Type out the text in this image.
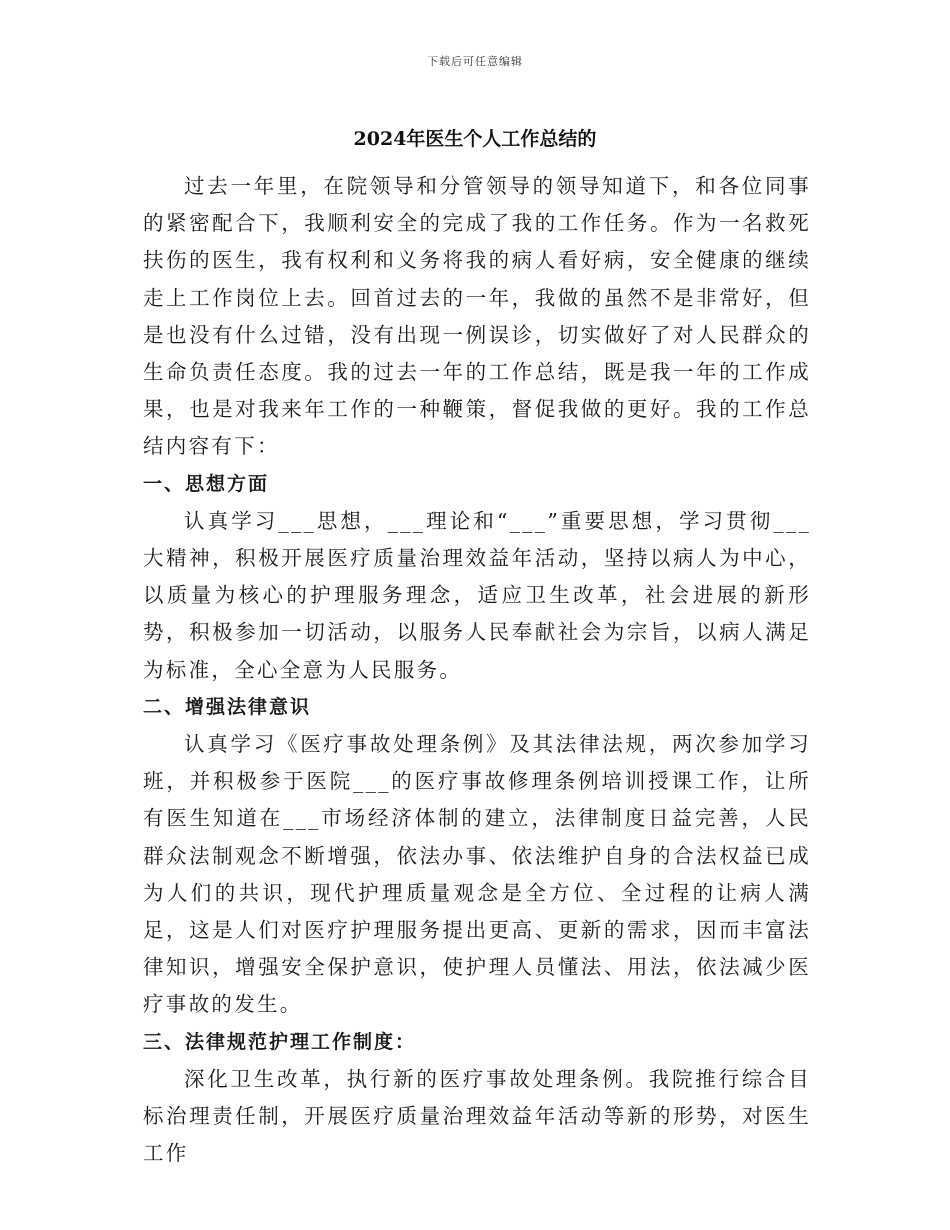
下载后可任意编辑
2024年医生个人工作总结的

过去一年里，在院领导和分管领导的领导知道下，和各位同事的紧密配合下，我顺利安全的完成了我的工作任务。作为一名救死扶伤的医生，我有权利和义务将我的病人看好病，安全健康的继续走上工作岗位上去。回首过去的一年，我做的虽然不是非常好，但是也没有什么过错，没有出现一例误诊，切实做好了对人民群众的生命负责任态度。我的过去一年的工作总结，既是我一年的工作成果，也是对我来年工作的一种鞭策，督促我做的更好。我的工作总结内容有下：

一、思想方面

认真学习___思想，___理论和“___”重要思想，学习贯彻___大精神，积极开展医疗质量治理效益年活动，坚持以病人为中心，以质量为核心的护理服务理念，适应卫生改革，社会进展的新形势，积极参加一切活动，以服务人民奉献社会为宗旨，以病人满足为标准，全心全意为人民服务。

二、增强法律意识

认真学习《医疗事故处理条例》及其法律法规，两次参加学习班，并积极参于医院___的医疗事故修理条例培训授课工作，让所有医生知道在___市场经济体制的建立，法律制度日益完善，人民群众法制观念不断增强，依法办事、依法维护自身的合法权益已成为人们的共识，现代护理质量观念是全方位、全过程的让病人满足，这是人们对医疗护理服务提出更高、更新的需求，因而丰富法律知识，增强安全保护意识，使护理人员懂法、用法，依法减少医疗事故的发生。

三、法律规范护理工作制度：

深化卫生改革，执行新的医疗事故处理条例。我院推行综合目标治理责任制，开展医疗质量治理效益年活动等新的形势，对医生工作
